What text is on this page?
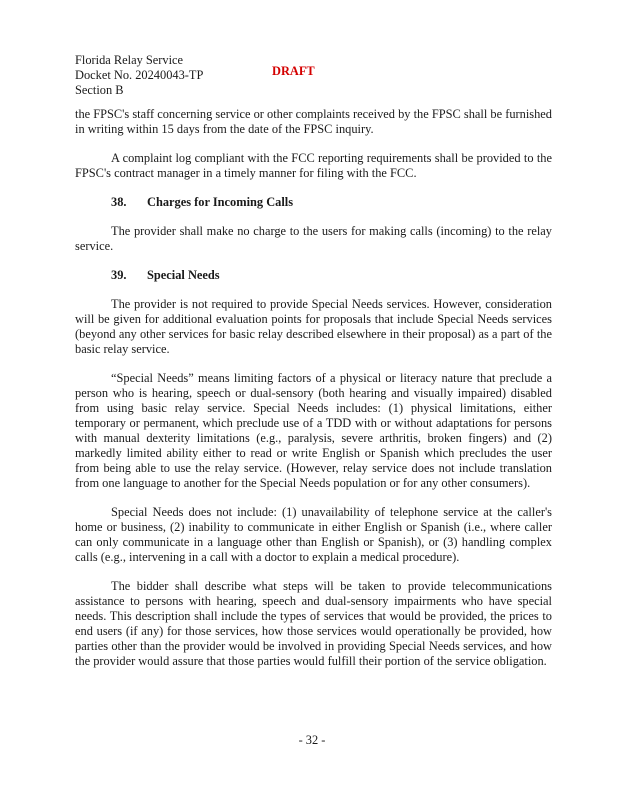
Florida Relay Service
Docket No. 20240043-TP
Section B
DRAFT

the FPSC's staff concerning service or other complaints received by the FPSC shall be furnished in writing within 15 days from the date of the FPSC inquiry.

A complaint log compliant with the FCC reporting requirements shall be provided to the FPSC's contract manager in a timely manner for filing with the FCC.

38. Charges for Incoming Calls

The provider shall make no charge to the users for making calls (incoming) to the relay service.

39. Special Needs

The provider is not required to provide Special Needs services. However, consideration will be given for additional evaluation points for proposals that include Special Needs services (beyond any other services for basic relay described elsewhere in their proposal) as a part of the basic relay service.

“Special Needs” means limiting factors of a physical or literacy nature that preclude a person who is hearing, speech or dual-sensory (both hearing and visually impaired) disabled from using basic relay service. Special Needs includes: (1) physical limitations, either temporary or permanent, which preclude use of a TDD with or without adaptations for persons with manual dexterity limitations (e.g., paralysis, severe arthritis, broken fingers) and (2) markedly limited ability either to read or write English or Spanish which precludes the user from being able to use the relay service. (However, relay service does not include translation from one language to another for the Special Needs population or for any other consumers).

Special Needs does not include: (1) unavailability of telephone service at the caller's home or business, (2) inability to communicate in either English or Spanish (i.e., where caller can only communicate in a language other than English or Spanish), or (3) handling complex calls (e.g., intervening in a call with a doctor to explain a medical procedure).

The bidder shall describe what steps will be taken to provide telecommunications assistance to persons with hearing, speech and dual-sensory impairments who have special needs. This description shall include the types of services that would be provided, the prices to end users (if any) for those services, how those services would operationally be provided, how parties other than the provider would be involved in providing Special Needs services, and how the provider would assure that those parties would fulfill their portion of the service obligation.

- 32 -
